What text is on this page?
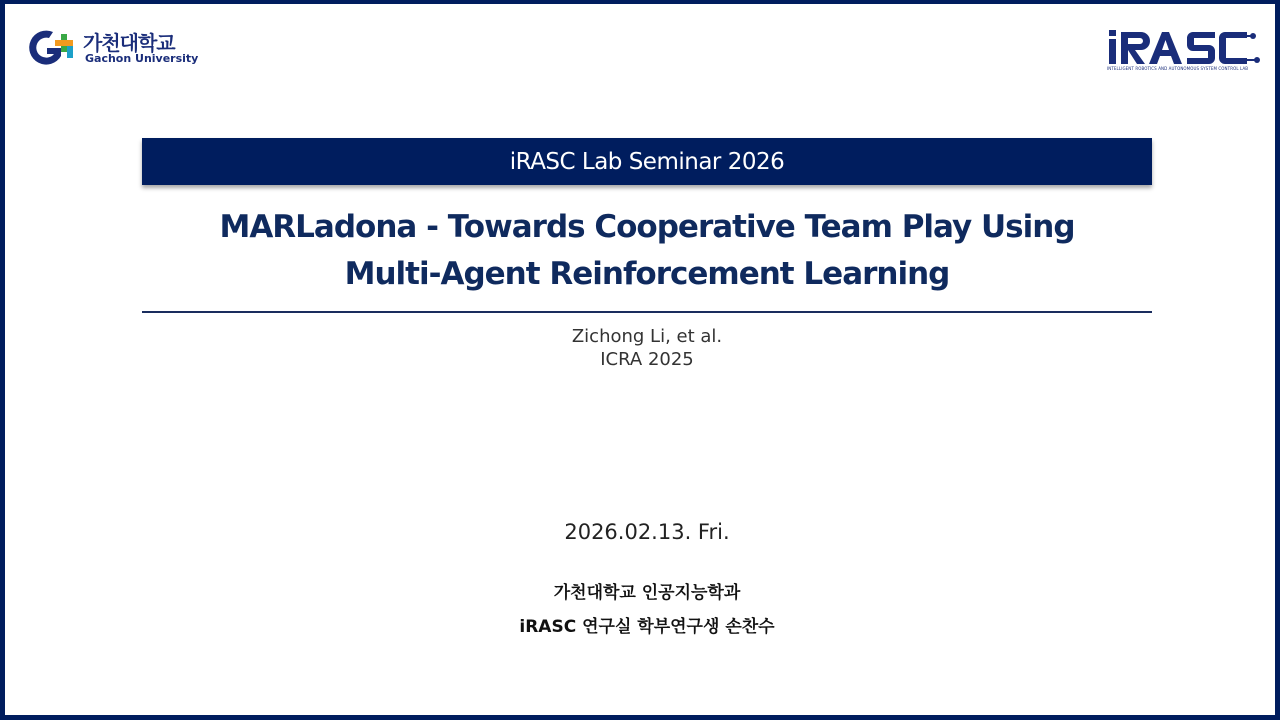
가천대학교
Gachon University
INTELLIGENT ROBOTICS AND AUTONOMOUS SYSTEM CONTROL LAB
iRASC Lab Seminar 2026
MARLadona - Towards Cooperative Team Play Using
Multi-Agent Reinforcement Learning
Zichong Li, et al.
ICRA 2025
2026.02.13. Fri.
가천대학교 인공지능학과
iRASC 연구실 학부연구생 손찬수
